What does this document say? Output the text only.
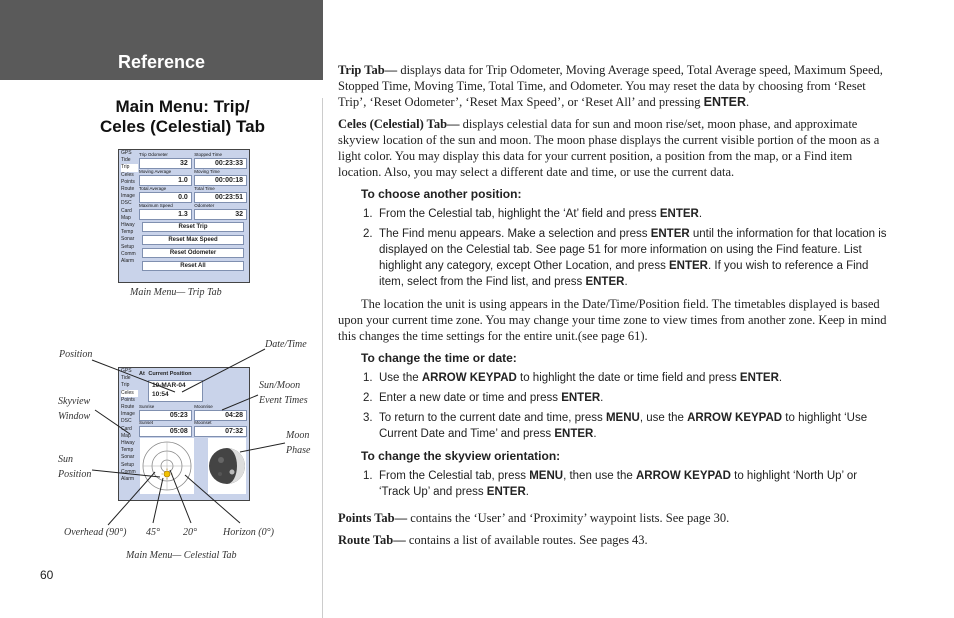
Reference
Main Menu: Trip/
Celes (Celestial) Tab
GPS
Tide
Trip
Celes
Points
Route
Image
DSC
Card
Map
Hiway
Temp
Sonar
Setup
Comm
Alarm
Trip Odometer
32
Stopped Time
00:23:33
Moving Average
1.0
Moving Time
00:00:18
Total Average
0.0
Total Time
00:23:51
Maximum Speed
1.3
Odometer
32
Reset Trip
Reset Max Speed
Reset Odometer
Reset All
Main Menu— Trip Tab
GPS
Tide
Trip
Celes
Points
Route
Image
DSC
Card
Map
Hiway
Temp
Sonar
Setup
Comm
Alarm
At Current Position
10-MAR-04
10:54
Sunrise
05:23
Moonrise
04:28
Sunset
05:08
Moonset
07:32
Position
Date/Time
Skyview
Window
Sun/Moon
Event Times
Moon
Phase
Sun
Position
Overhead (90°) 45° 20°	Horizon (0°)
Main Menu— Celestial Tab
60

Trip Tab— displays data for Trip Odometer, Moving Average speed, Total Average speed, Maximum Speed, Stopped Time, Moving Time, Total Time, and Odometer. You may reset the data by choosing from ‘Reset Trip’, ‘Reset Odometer’, ‘Reset Max Speed’, or ‘Reset All’ and pressing ENTER.

Celes (Celestial) Tab— displays celestial data for sun and moon rise/set, moon phase, and approximate skyview location of the sun and moon. The moon phase displays the current visible portion of the moon as a light color. You may display this data for your current position, a position from the map, or a Find item location. Also, you may select a different date and time, or use the current data.

To choose another position:
1. From the Celestial tab, highlight the ‘At’ field and press ENTER.
2. The Find menu appears. Make a selection and press ENTER until the information for that location is displayed on the Celestial tab. See page 51 for more information on using the Find feature. List highlight any category, except Other Location, and press ENTER. If you wish to reference a Find item, select from the Find list, and press ENTER.

The location the unit is using appears in the Date/Time/Position field. The timetables displayed is based upon your current time zone. You may change your time zone to view times from another zone. Keep in mind this changes the time settings for the entire unit.(see page 61).

To change the time or date:
1. Use the ARROW KEYPAD to highlight the date or time field and press ENTER.
2. Enter a new date or time and press ENTER.
3. To return to the current date and time, press MENU, use the ARROW KEYPAD to highlight ‘Use Current Date and Time’ and press ENTER.
To change the skyview orientation:
1. From the Celestial tab, press MENU, then use the ARROW KEYPAD to highlight ‘North Up’ or ‘Track Up’ and press ENTER.

Points Tab— contains the ‘User’ and ‘Proximity’ waypoint lists. See page 30.

Route Tab— contains a list of available routes. See pages 43.
